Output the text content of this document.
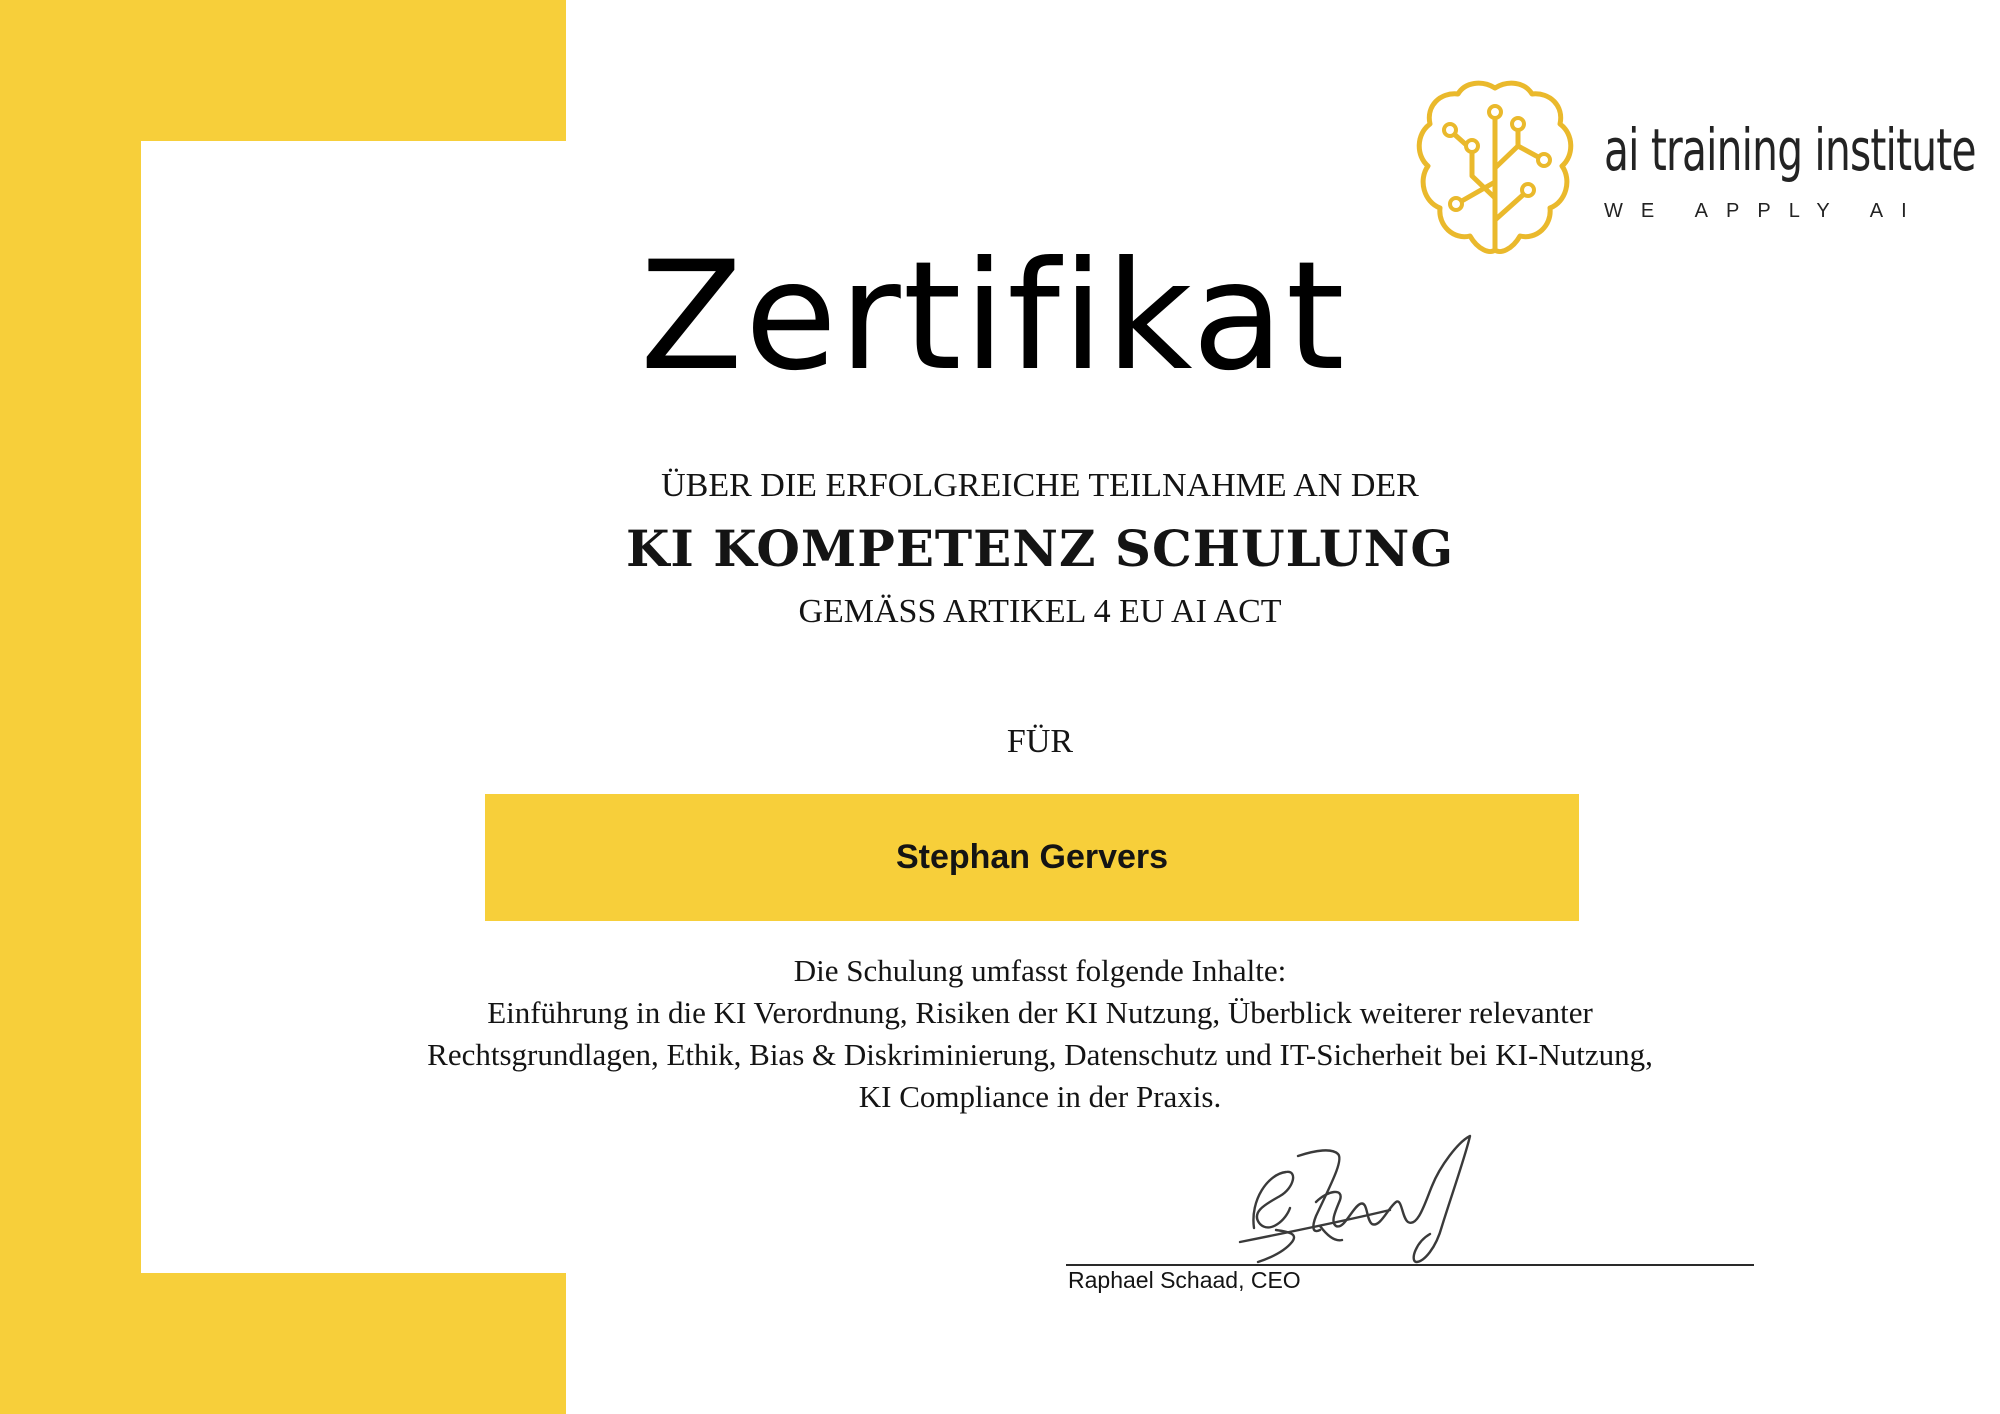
ai training institute
WE APPLY AI
Zertifikat
ÜBER DIE ERFOLGREICHE TEILNAHME AN DER
KI KOMPETENZ SCHULUNG
GEMÄSS ARTIKEL 4 EU AI ACT
FÜR
Stephan Gervers
Die Schulung umfasst folgende Inhalte:
Einführung in die KI Verordnung, Risiken der KI Nutzung, Überblick weiterer relevanter
Rechtsgrundlagen, Ethik, Bias & Diskriminierung, Datenschutz und IT-Sicherheit bei KI-Nutzung,
KI Compliance in der Praxis.
Raphael Schaad, CEO
